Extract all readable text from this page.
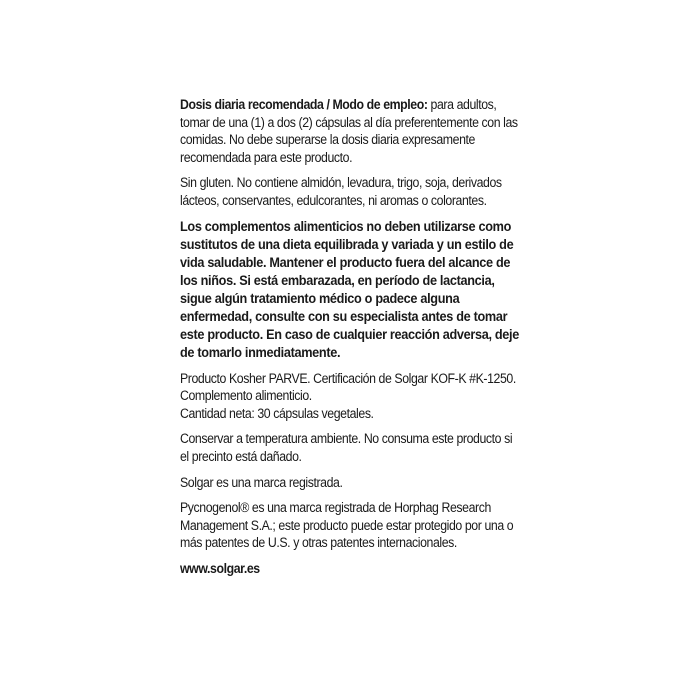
Dosis diaria recomendada / Modo de empleo: para adultos, tomar de una (1) a dos (2) cápsulas al día preferentemente con las comidas. No debe superarse la dosis diaria expresamente recomendada para este producto.

Sin gluten. No contiene almidón, levadura, trigo, soja, derivados lácteos, conservantes, edulcorantes, ni aromas o colorantes.

Los complementos alimenticios no deben utilizarse como sustitutos de una dieta equilibrada y variada y un estilo de vida saludable. Mantener el producto fuera del alcance de los niños. Si está embarazada, en período de lactancia, sigue algún tratamiento médico o padece alguna enfermedad, consulte con su especialista antes de tomar este producto. En caso de cualquier reacción adversa, deje de tomarlo inmediatamente.

Producto Kosher PARVE. Certificación de Solgar KOF-K #K-1250.

Complemento alimenticio.

Cantidad neta: 30 cápsulas vegetales.

Conservar a temperatura ambiente. No consuma este producto si el precinto está dañado.

Solgar es una marca registrada.

Pycnogenol® es una marca registrada de Horphag Research Management S.A.; este producto puede estar protegido por una o más patentes de U.S. y otras patentes internacionales.

www.solgar.es
